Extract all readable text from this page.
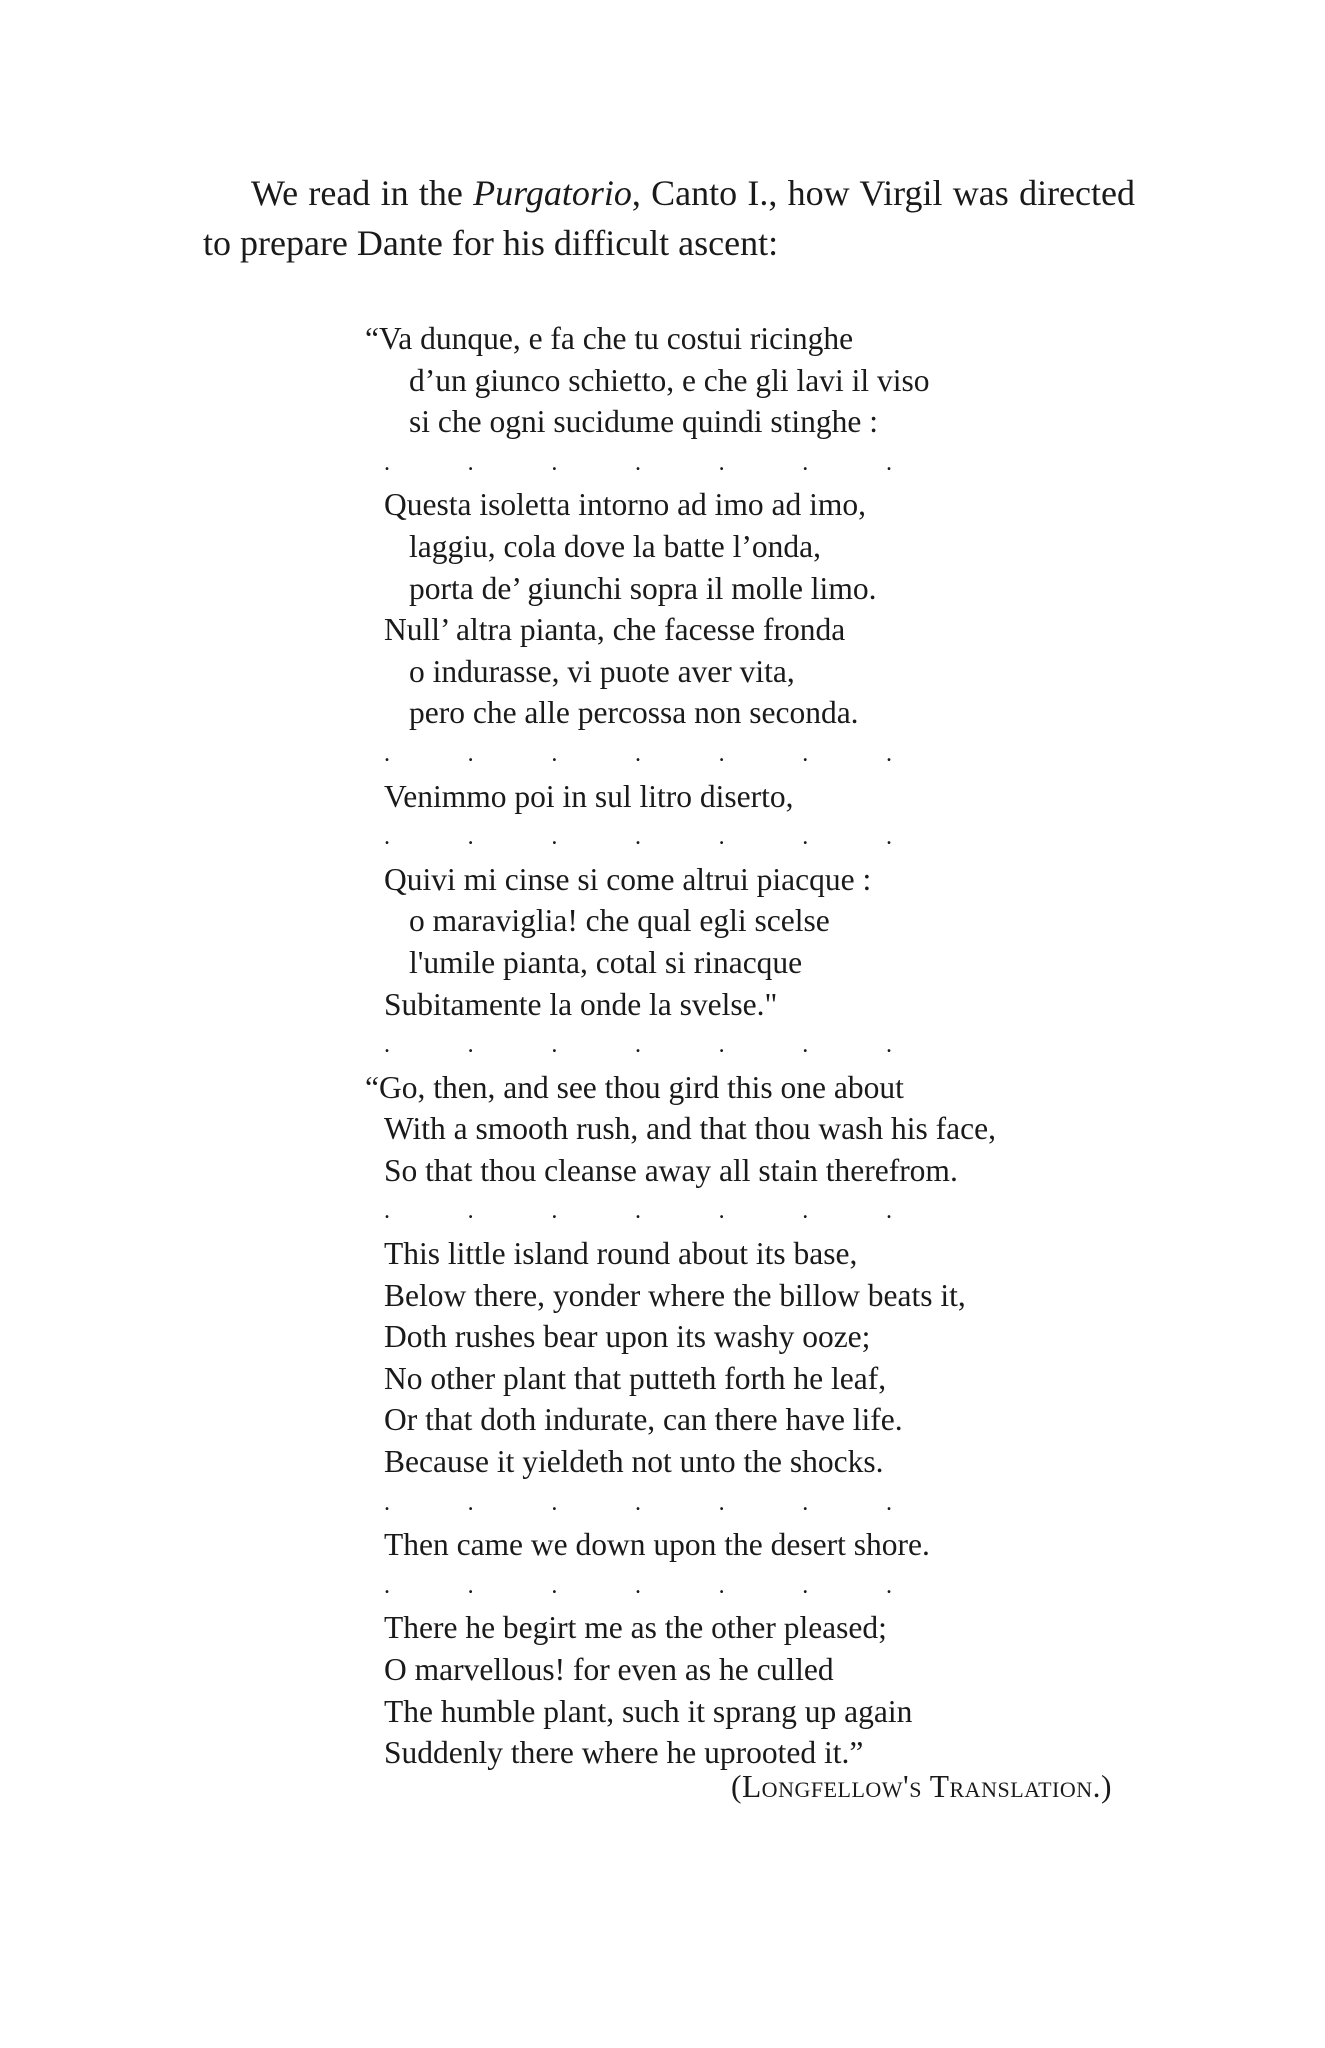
We read in the Purgatorio, Canto I., how Virgil was directed to prepare Dante for his difficult ascent:

“Va dunque, e fa che tu costui ricinghe
d’un giunco schietto, e che gli lavi il viso
si che ogni sucidume quindi stinghe :
.	.	.	.	.	.	.
Questa isoletta intorno ad imo ad imo,
laggiu, cola dove la batte l’onda,
porta de’ giunchi sopra il molle limo.
Null’ altra pianta, che facesse fronda
o indurasse, vi puote aver vita,
pero che alle percossa non seconda.
.	.	.	.	.	.	.
Venimmo poi in sul litro diserto,
.	.	.	.	.	.	.
Quivi mi cinse si come altrui piacque :
o maraviglia! che qual egli scelse
l'umile pianta, cotal si rinacque
Subitamente la onde la svelse."
.	.	.	.	.	.	.
“Go, then, and see thou gird this one about
With a smooth rush, and that thou wash his face,
So that thou cleanse away all stain therefrom.
.	.	.	.	.	.	.
This little island round about its base,
Below there, yonder where the billow beats it,
Doth rushes bear upon its washy ooze;
No other plant that putteth forth he leaf,
Or that doth indurate, can there have life.
Because it yieldeth not unto the shocks.
.	.	.	.	.	.	.
Then came we down upon the desert shore.
.	.	.	.	.	.	.
There he begirt me as the other pleased;
O marvellous! for even as he culled
The humble plant, such it sprang up again
Suddenly there where he uprooted it.”
(Longfellow's Translation.)
